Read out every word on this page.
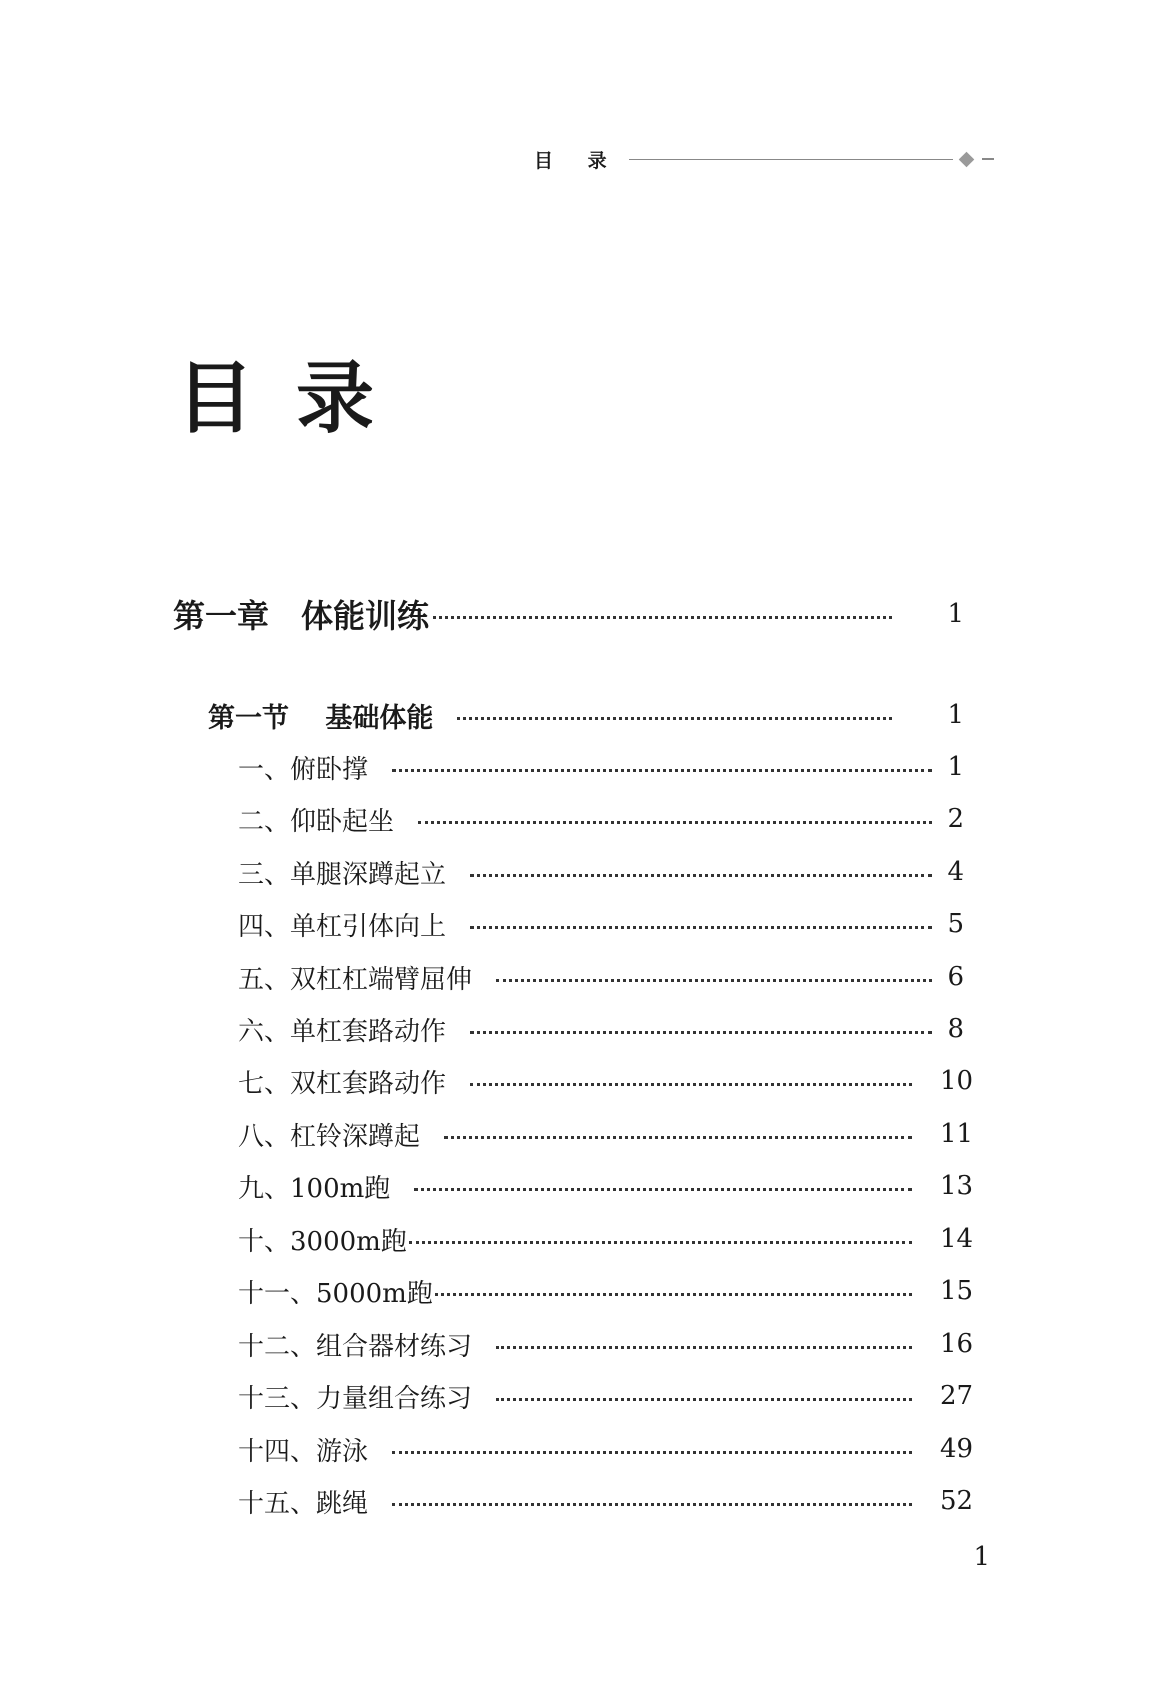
目 录
目录
第一章　体能训练	1
第一节　 基础体能	1
一、俯卧撑	1
二、仰卧起坐	2
三、单腿深蹲起立	4
四、单杠引体向上	5
五、双杠杠端臂屈伸	6
六、单杠套路动作	8
七、双杠套路动作	10
八、杠铃深蹲起	11
九、100m跑	13
十、3000m跑	14
十一、5000m跑	15
十二、组合器材练习	16
十三、力量组合练习	27
十四、游泳	49
十五、跳绳	52
1
